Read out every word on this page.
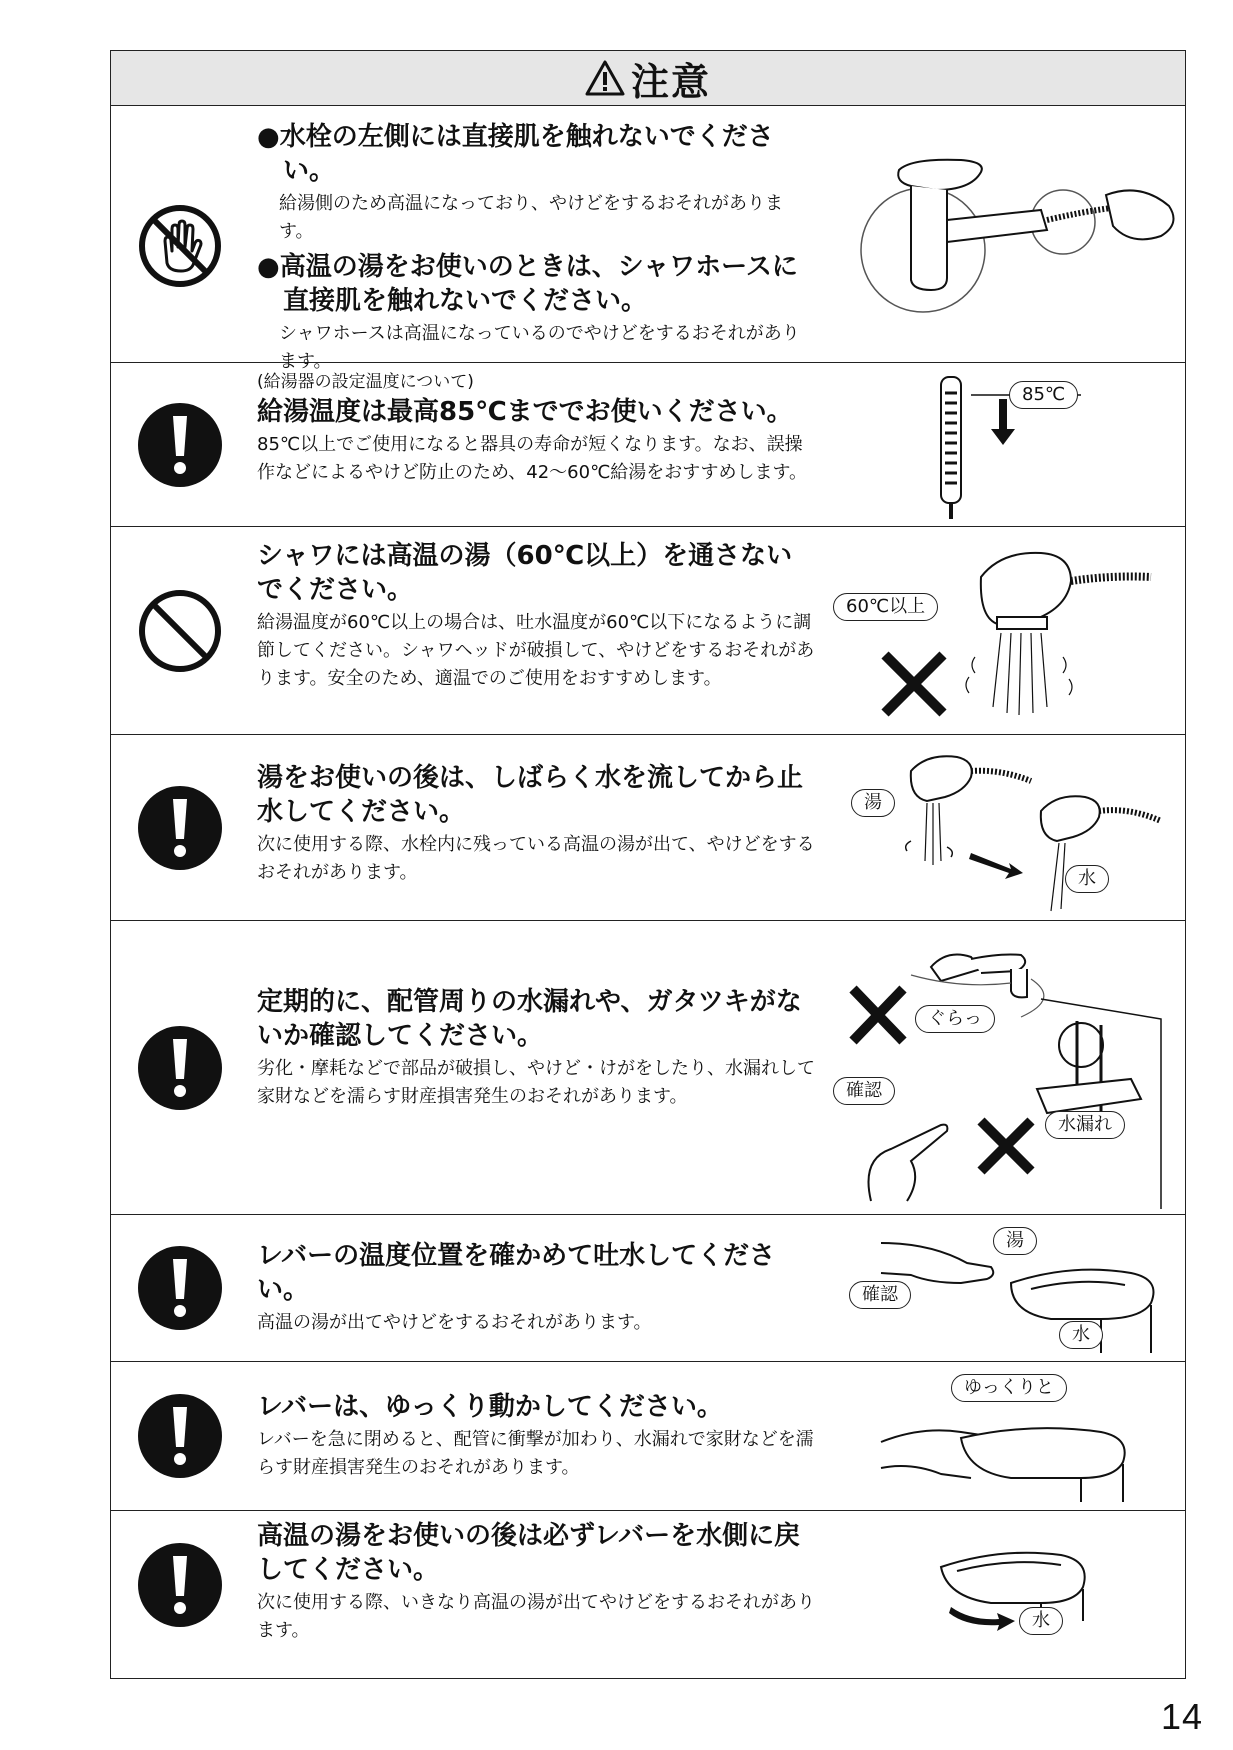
注意

●水栓の左側には直接肌を触れないでください。

給湯側のため高温になっており、やけどをするおそれがあります。

●高温の湯をお使いのときは、シャワホースに直接肌を触れないでください。

シャワホースは高温になっているのでやけどをするおそれがあります。

(給湯器の設定温度について)

給湯温度は最高85℃まででお使いください。

85℃以上でご使用になると器具の寿命が短くなります。なお、誤操作などによるやけど防止のため、42～60℃給湯をおすすめします。

85℃

シャワには高温の湯（60℃以上）を通さないでください。

給湯温度が60℃以上の場合は、吐水温度が60℃以下になるように調節してください。シャワヘッドが破損して、やけどをするおそれがあります。安全のため、適温でのご使用をおすすめします。

60℃以上

湯をお使いの後は、しばらく水を流してから止水してください。

次に使用する際、水栓内に残っている高温の湯が出て、やけどをするおそれがあります。

湯
水

定期的に、配管周りの水漏れや、ガタツキがないか確認してください。

劣化・摩耗などで部品が破損し、やけど・けがをしたり、水漏れして家財などを濡らす財産損害発生のおそれがあります。

ぐらっ
確認
水漏れ

レバーの温度位置を確かめて吐水してください。

高温の湯が出てやけどをするおそれがあります。

湯
確認
水

レバーは、ゆっくり動かしてください。

レバーを急に閉めると、配管に衝撃が加わり、水漏れで家財などを濡らす財産損害発生のおそれがあります。

ゆっくりと

高温の湯をお使いの後は必ずレバーを水側に戻してください。

次に使用する際、いきなり高温の湯が出てやけどをするおそれがあります。	水
14
